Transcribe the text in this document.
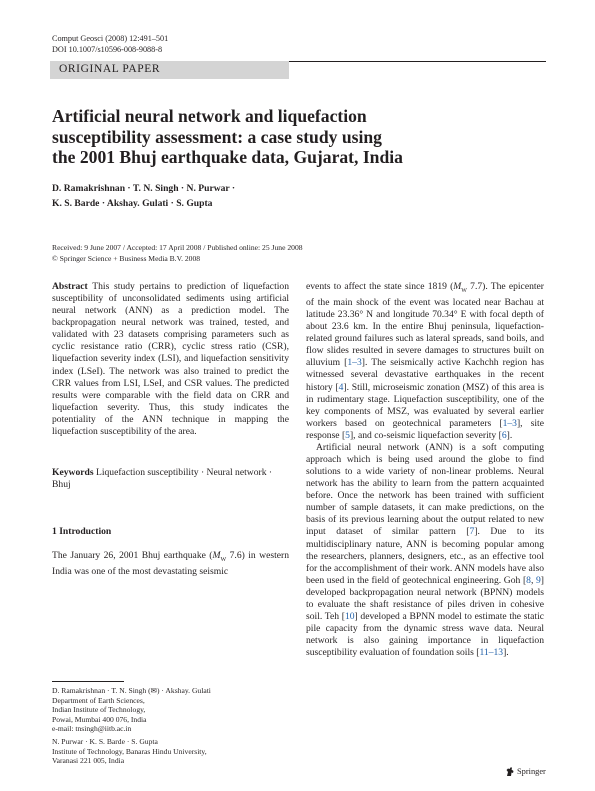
Comput Geosci (2008) 12:491–501
DOI 10.1007/s10596-008-9088-8
ORIGINAL PAPER
Artificial neural network and liquefaction
susceptibility assessment: a case study using
the 2001 Bhuj earthquake data, Gujarat, India
D. Ramakrishnan · T. N. Singh · N. Purwar ·
K. S. Barde · Akshay. Gulati · S. Gupta
Received: 9 June 2007 / Accepted: 17 April 2008 / Published online: 25 June 2008
© Springer Science + Business Media B.V. 2008
Abstract This study pertains to prediction of liquefaction susceptibility of unconsolidated sediments using artificial neural network (ANN) as a prediction model. The backpropagation neural network was trained, tested, and validated with 23 datasets comprising parameters such as cyclic resistance ratio (CRR), cyclic stress ratio (CSR), liquefaction severity index (LSI), and liquefaction sensitivity index (LSeI). The network was also trained to predict the CRR values from LSI, LSeI, and CSR values. The predicted results were comparable with the field data on CRR and liquefaction severity. Thus, this study indicates the potentiality of the ANN technique in mapping the liquefaction susceptibility of the area.
Keywords Liquefaction susceptibility · Neural network · Bhuj
1 Introduction
The January 26, 2001 Bhuj earthquake ($M_W$ 7.6) in western India was one of the most devastating seismic

events to affect the state since 1819 ($M_W$ 7.7). The epicenter of the main shock of the event was located near Bachau at latitude 23.36° N and longitude 70.34° E with focal depth of about 23.6 km. In the entire Bhuj peninsula, liquefaction-related ground failures such as lateral spreads, sand boils, and flow slides resulted in severe damages to structures built on alluvium [1–3]. The seismically active Kachchh region has witnessed several devastative earthquakes in the recent history [4]. Still, microseismic zonation (MSZ) of this area is in rudimentary stage. Liquefaction susceptibility, one of the key components of MSZ, was evaluated by several earlier workers based on geotechnical parameters [1–3], site response [5], and co-seismic liquefaction severity [6].

Artificial neural network (ANN) is a soft computing approach which is being used around the globe to find solutions to a wide variety of non-linear problems. Neural network has the ability to learn from the pattern acquainted before. Once the network has been trained with sufficient number of sample datasets, it can make predictions, on the basis of its previous learning about the output related to new input dataset of similar pattern [7]. Due to its multidisciplinary nature, ANN is becoming popular among the researchers, planners, designers, etc., as an effective tool for the accomplishment of their work. ANN models have also been used in the field of geotechnical engineering. Goh [8, 9] developed backpropagation neural network (BPNN) models to evaluate the shaft resistance of piles driven in cohesive soil. Teh [10] developed a BPNN model to estimate the static pile capacity from the dynamic stress wave data. Neural network is also gaining importance in liquefaction susceptibility evaluation of foundation soils [11–13].

D. Ramakrishnan · T. N. Singh (✉) · Akshay. Gulati
Department of Earth Sciences,
Indian Institute of Technology,
Powai, Mumbai 400 076, India
e-mail: tnsingh@iitb.ac.in
N. Purwar · K. S. Barde · S. Gupta
Institute of Technology, Banaras Hindu University,
Varanasi 221 005, India
Springer
